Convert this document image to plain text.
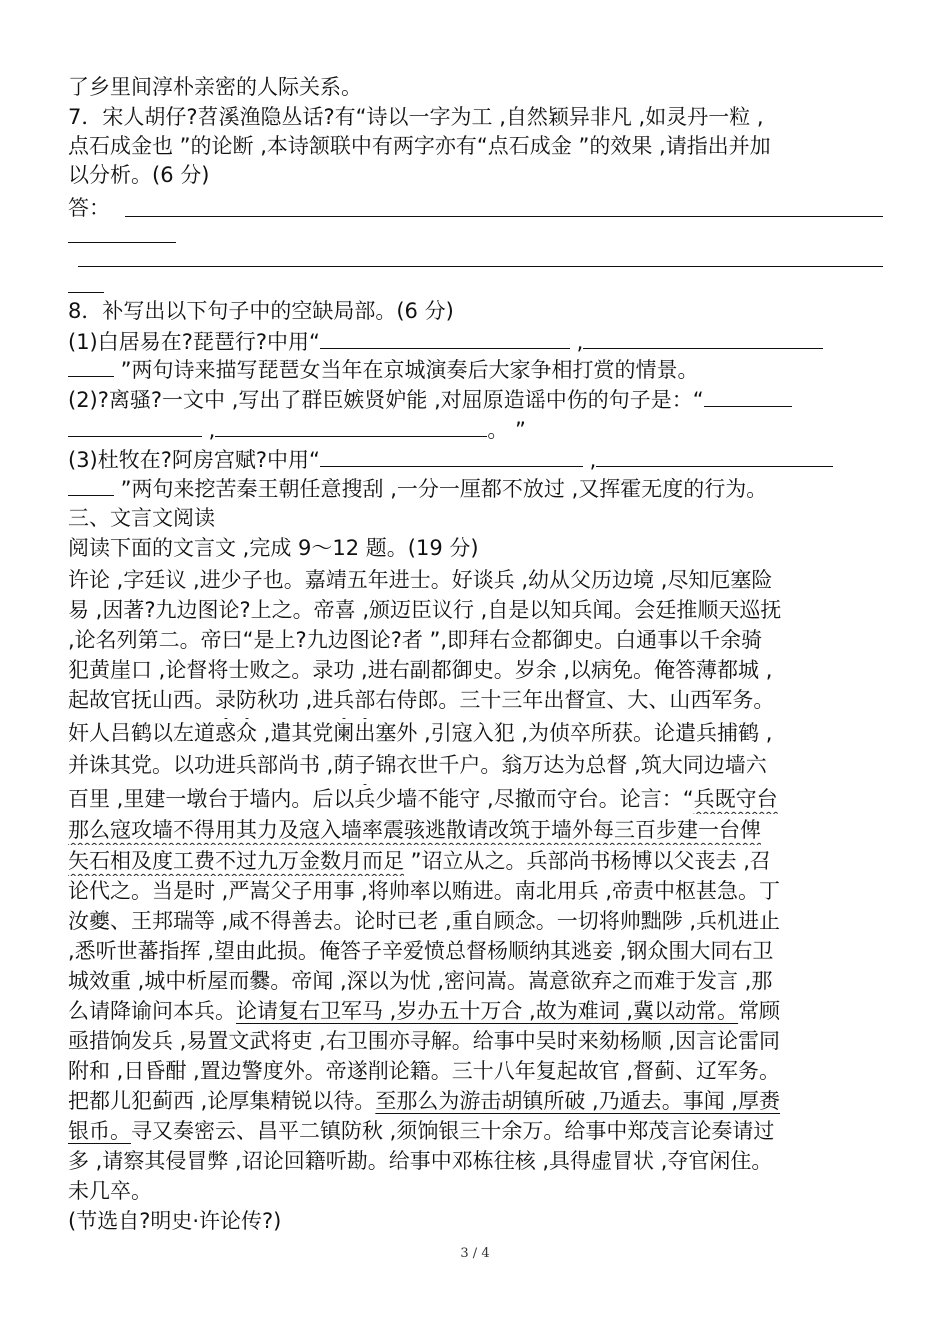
了乡里间淳朴亲密的人际关系。
7．宋人胡仔?苕溪渔隐丛话?有“诗以一字为工 ,自然颖异非凡 ,如灵丹一粒 ,
点石成金也 ”的论断 ,本诗颔联中有两字亦有“点石成金 ”的效果 ,请指出并加
以分析。(6 分)
答：
8．补写出以下句子中的空缺局部。(6 分)
(1)白居易在?琵琶行?中用“	,
”两句诗来描写琵琶女当年在京城演奏后大家争相打赏的情景。
(2)?离骚?一文中 ,写出了群臣嫉贤妒能 ,对屈原造谣中伤的句子是：“
,	。 ”
(3)杜牧在?阿房宫赋?中用“	,
”两句来挖苦秦王朝任意搜刮 ,一分一厘都不放过 ,又挥霍无度的行为。
三、文言文阅读
阅读下面的文言文 ,完成 9～12 题。(19 分)
许论 ,字廷议 ,进少子也。嘉靖五年进士。好谈兵 ,幼从父历边境 ,尽知厄塞险
易 ,因著?九边图论?上之。帝喜 ,颁迈臣议行 ,自是以知兵闻。会廷推顺天巡抚
,论名列第二。帝曰“是上?九边图论?者 ”,即拜右佥都御史。白通事以千余骑
犯黄崖口 ,论督将士败之。录功 ,进右副都御史。岁余 ,以病免。俺答薄都城 ,
起故官抚山西。录防秋功 ,进兵部右侍郎。三十三年出督宣、大、山西军务。
奸人吕鹤以左道惑众 ,遣其党阑出塞外 ,引寇入犯 ,为侦卒所获。论遣兵捕鹤 ,
并诛其党。以功进兵部尚书 ,荫子锦衣世千户。翁万达为总督 ,筑大同边墙六
百里 ,里建一墩台于墙内。后以兵少墙不能守 ,尽撤而守台。论言：“兵既守台
那么寇攻墙不得用其力及寇入墙率震骇逃散请改筑于墙外每三百步建一台俾
矢石相及度工费不过九万金数月而足 ”诏立从之。兵部尚书杨博以父丧去 ,召
论代之。当是时 ,严嵩父子用事 ,将帅率以贿进。南北用兵 ,帝责中枢甚急。丁
汝夔、王邦瑞等 ,咸不得善去。论时已老 ,重自顾念。一切将帅黜陟 ,兵机进止
,悉听世蕃指挥 ,望由此损。俺答子辛爱愤总督杨顺纳其逃妾 ,钢众围大同右卫
城效重 ,城中析屋而爨。帝闻 ,深以为忧 ,密问嵩。嵩意欲弃之而难于发言 ,那
么请降谕问本兵。论请复右卫军马 ,岁办五十万合 ,故为难词 ,冀以动常。常顾
亟措饷发兵 ,易置文武将吏 ,右卫围亦寻解。给事中吴时来劾杨顺 ,因言论雷同
附和 ,日昏酣 ,置边警度外。帝遂削论籍。三十八年复起故官 ,督蓟、辽军务。
把都儿犯蓟西 ,论厚集精锐以待。至那么为游击胡镇所破 ,乃遁去。事闻 ,厚赉
银币。寻又奏密云、昌平二镇防秋 ,须饷银三十余万。给事中郑茂言论奏请过
多 ,请察其侵冒弊 ,诏论回籍听勘。给事中邓栋往核 ,具得虚冒状 ,夺官闲住。
未几卒。
(节选自?明史·许论传?)
3 / 4
